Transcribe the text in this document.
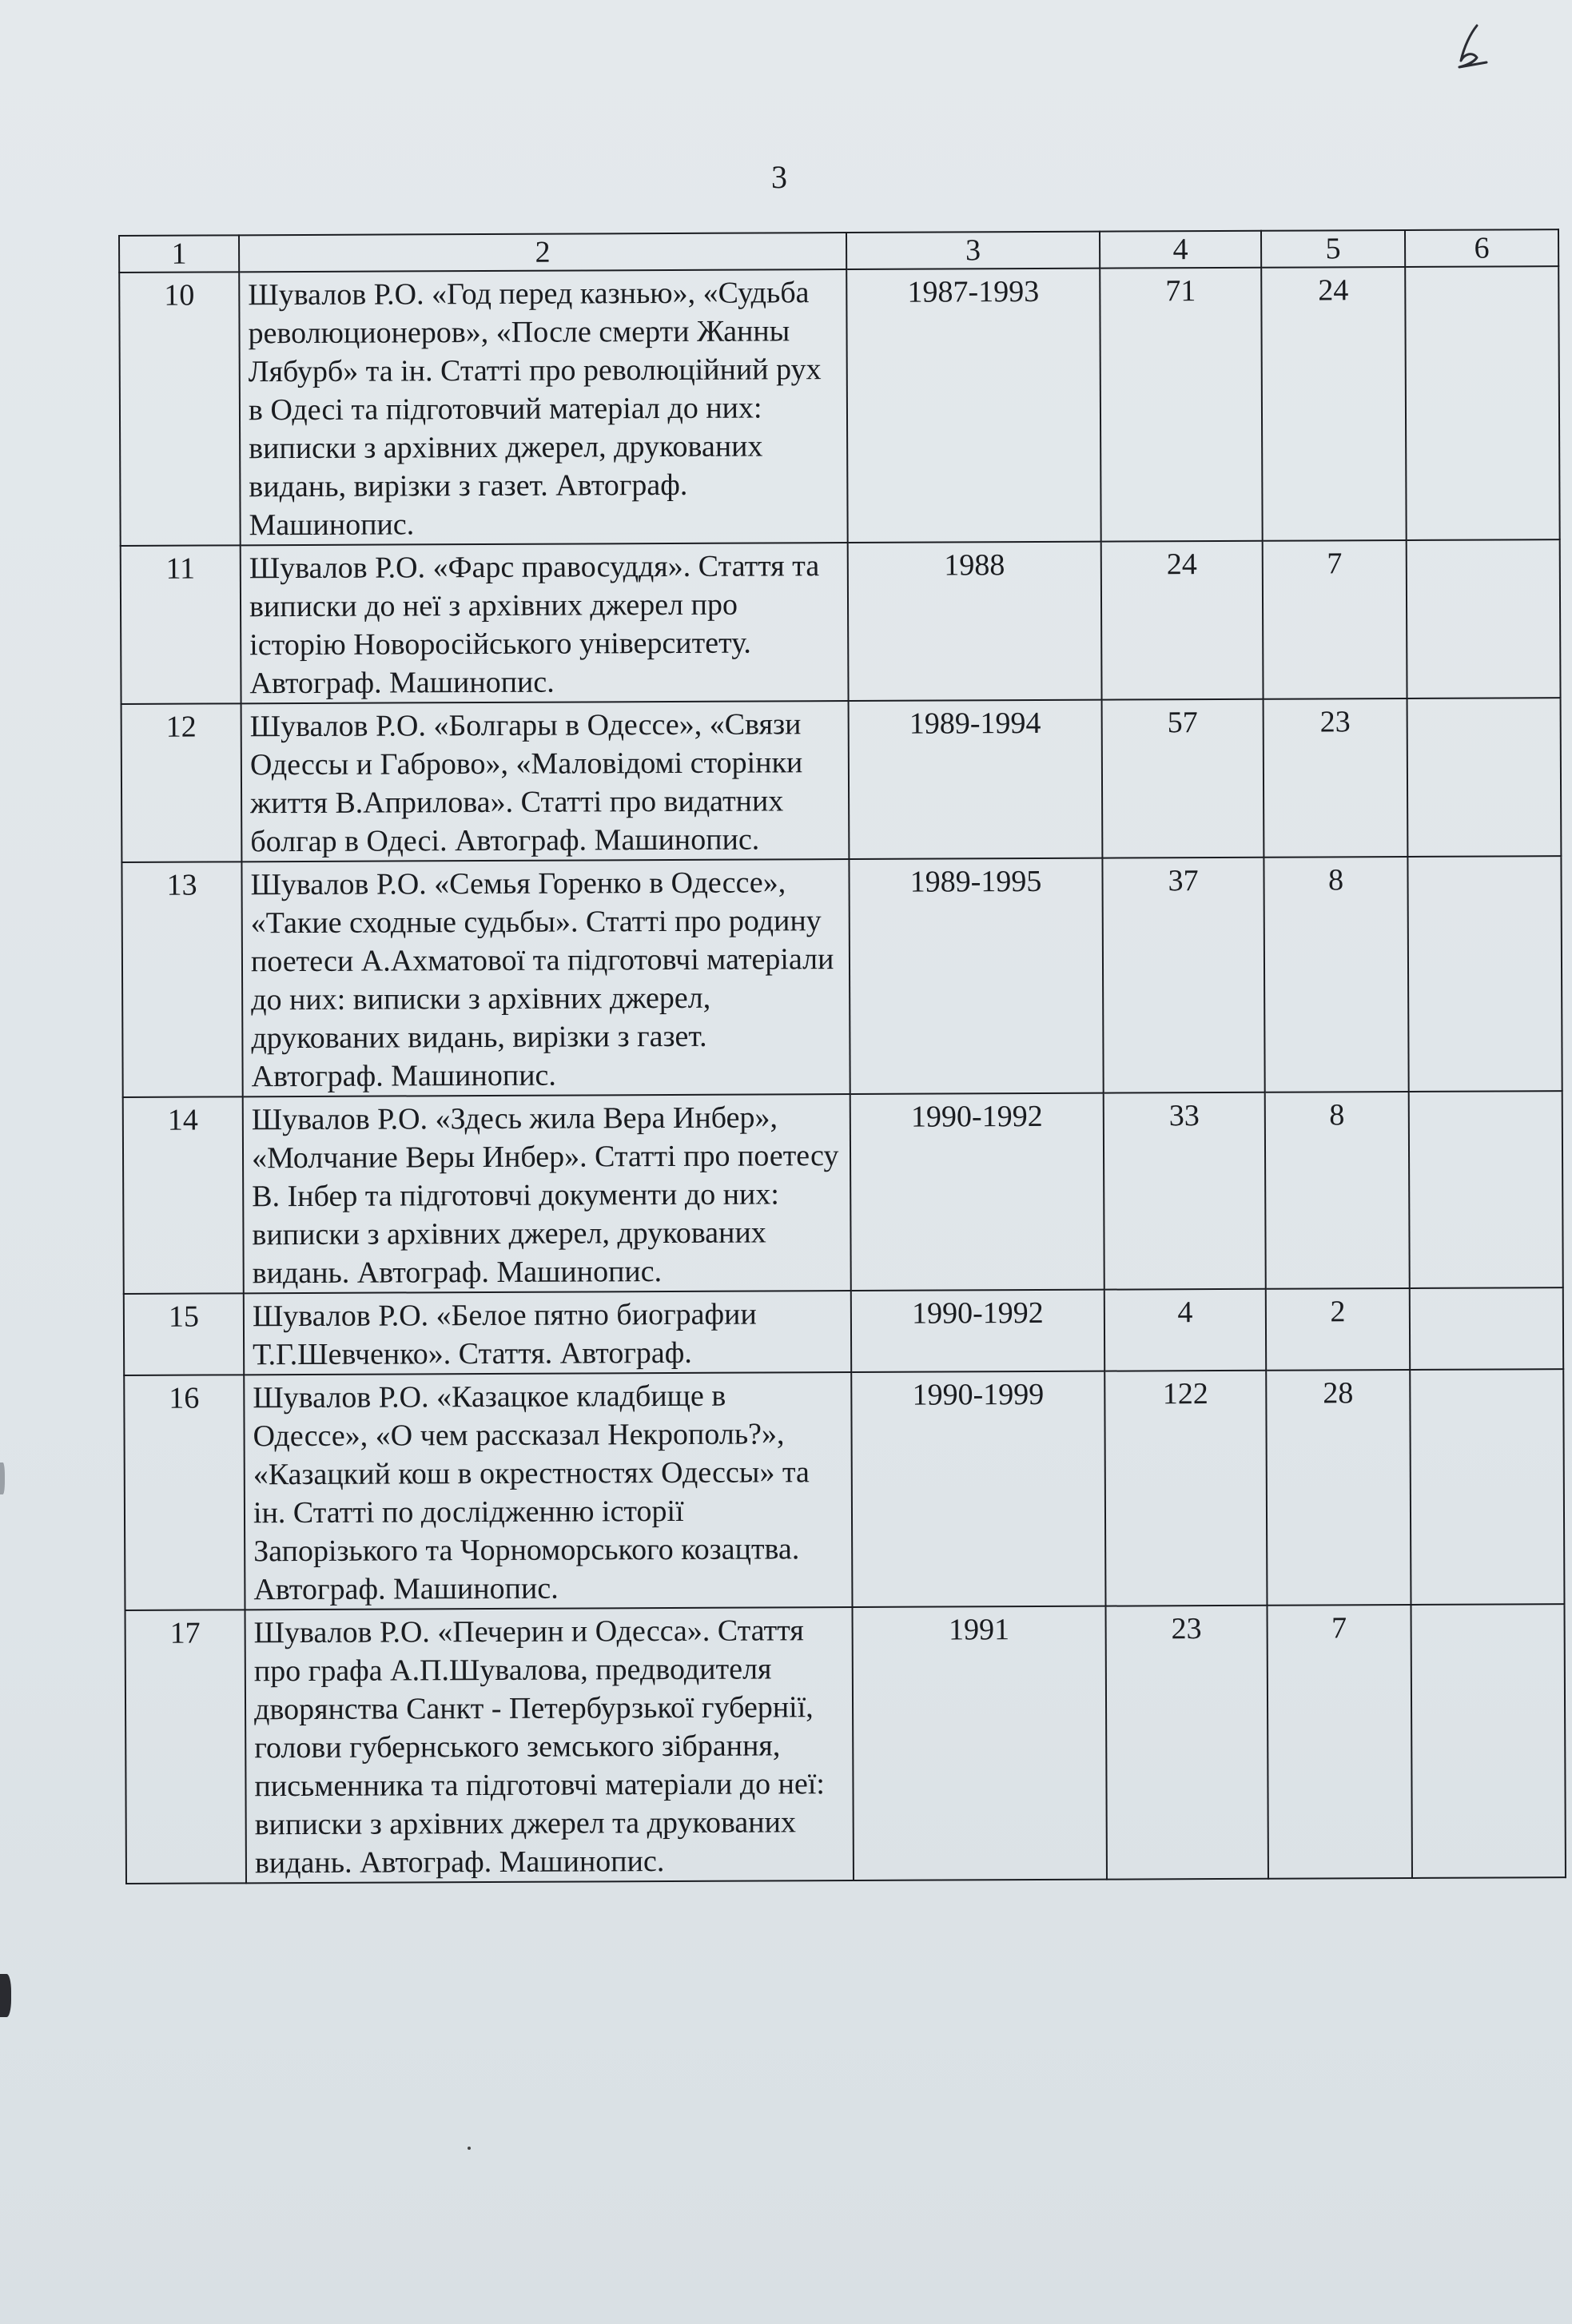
3
1	2	3	4	5	6
10	Шувалов Р.О. «Год перед казнью», «Судьба революционеров», «После смерти Жанны Лябурб» та ін. Статті про революційний рух в Одесі та підготовчий матеріал до них: виписки з архівних джерел, друкованих видань, вирізки з газет. Автограф. Машинопис.	1987-1993	71	24	
11	Шувалов Р.О. «Фарс правосуддя». Стаття та виписки до неї з архівних джерел про історію Новоросійського університету. Автограф. Машинопис.	1988	24	7	
12	Шувалов Р.О. «Болгары в Одессе», «Связи Одессы и Габрово», «Маловідомі сторінки життя В.Априлова». Статті про видатних болгар в Одесі. Автограф. Машинопис.	1989-1994	57	23	
13	Шувалов Р.О. «Семья Горенко в Одессе», «Такие сходные судьбы». Статті про родину поетеси А.Ахматової та підготовчі матеріали до них: виписки з архівних джерел, друкованих видань, вирізки з газет. Автограф. Машинопис.	1989-1995	37	8	
14	Шувалов Р.О. «Здесь жила Вера Инбер», «Молчание Веры Инбер». Статті про поетесу В. Інбер та підготовчі документи до них: виписки з архівних джерел, друкованих видань. Автограф. Машинопис.	1990-1992	33	8	
15	Шувалов Р.О. «Белое пятно биографии Т.Г.Шевченко». Стаття. Автограф.	1990-1992	4	2	
16	Шувалов Р.О. «Казацкое кладбище в Одессе», «О чем рассказал Некрополь?», «Казацкий кош в окрестностях Одессы» та ін. Статті по дослідженню історії Запорізького та Чорноморського козацтва. Автограф. Машинопис.	1990-1999	122	28	
17	Шувалов Р.О. «Печерин и Одесса». Стаття про графа А.П.Шувалова, предводителя дворянства Санкт - Петербурзької губернії, голови губернського земського зібрання, письменника та підготовчі матеріали до неї: виписки з архівних джерел та друкованих видань. Автограф. Машинопис.	1991	23	7	
